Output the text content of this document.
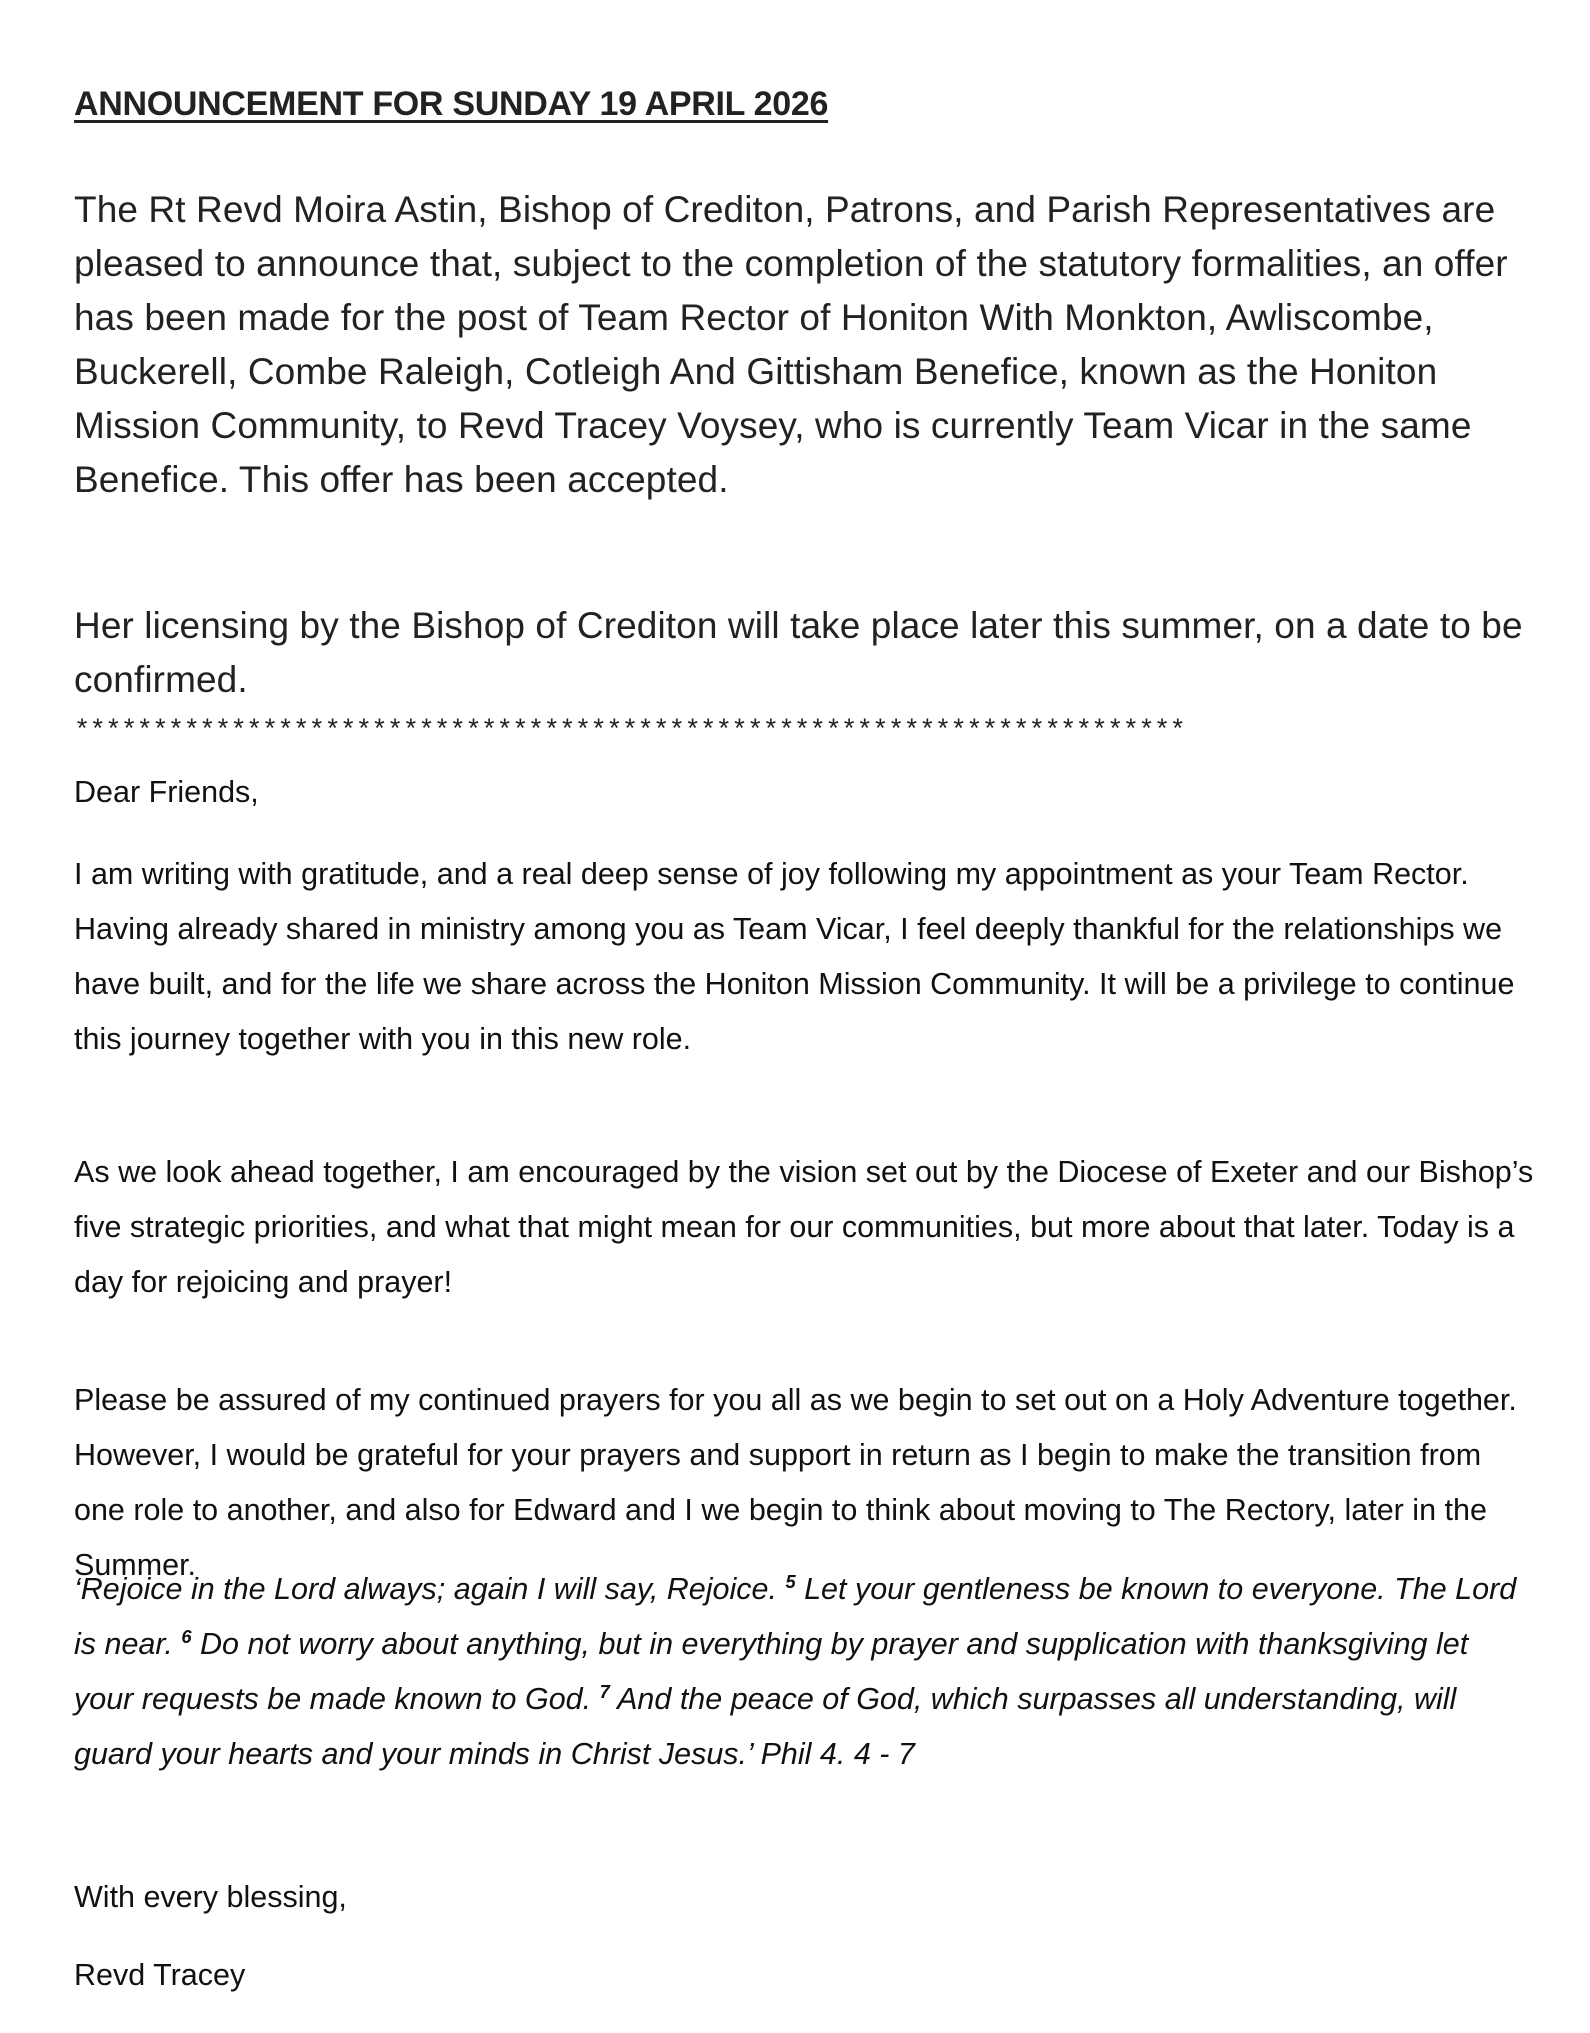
ANNOUNCEMENT FOR SUNDAY 19 APRIL 2026

The Rt Revd Moira Astin, Bishop of Crediton, Patrons, and Parish Representatives are pleased to announce that, subject to the completion of the statutory formalities, an offer has been made for the post of Team Rector of Honiton With Monkton, Awliscombe, Buckerell, Combe Raleigh, Cotleigh And Gittisham Benefice, known as the Honiton Mission Community, to Revd Tracey Voysey, who is currently Team Vicar in the same Benefice. This offer has been accepted.

Her licensing by the Bishop of Crediton will take place later this summer, on a date to be confirmed.

***********************************************************************

Dear Friends,

I am writing with gratitude, and a real deep sense of joy following my appointment as your Team Rector. Having already shared in ministry among you as Team Vicar, I feel deeply thankful for the relationships we have built, and for the life we share across the Honiton Mission Community. It will be a privilege to continue this journey together with you in this new role.

As we look ahead together, I am encouraged by the vision set out by the Diocese of Exeter and our Bishop’s five strategic priorities, and what that might mean for our communities, but more about that later. Today is a day for rejoicing and prayer!

Please be assured of my continued prayers for you all as we begin to set out on a Holy Adventure together. However, I would be grateful for your prayers and support in return as I begin to make the transition from one role to another, and also for Edward and I we begin to think about moving to The Rectory, later in the Summer.

‘Rejoice in the Lord always; again I will say, Rejoice. $^5$ Let your gentleness be known to everyone. The Lord is near. $^6$ Do not worry about anything, but in everything by prayer and supplication with thanksgiving let your requests be made known to God. $^7$ And the peace of God, which surpasses all understanding, will guard your hearts and your minds in Christ Jesus.’ Phil 4. 4 - 7

With every blessing,

Revd Tracey
